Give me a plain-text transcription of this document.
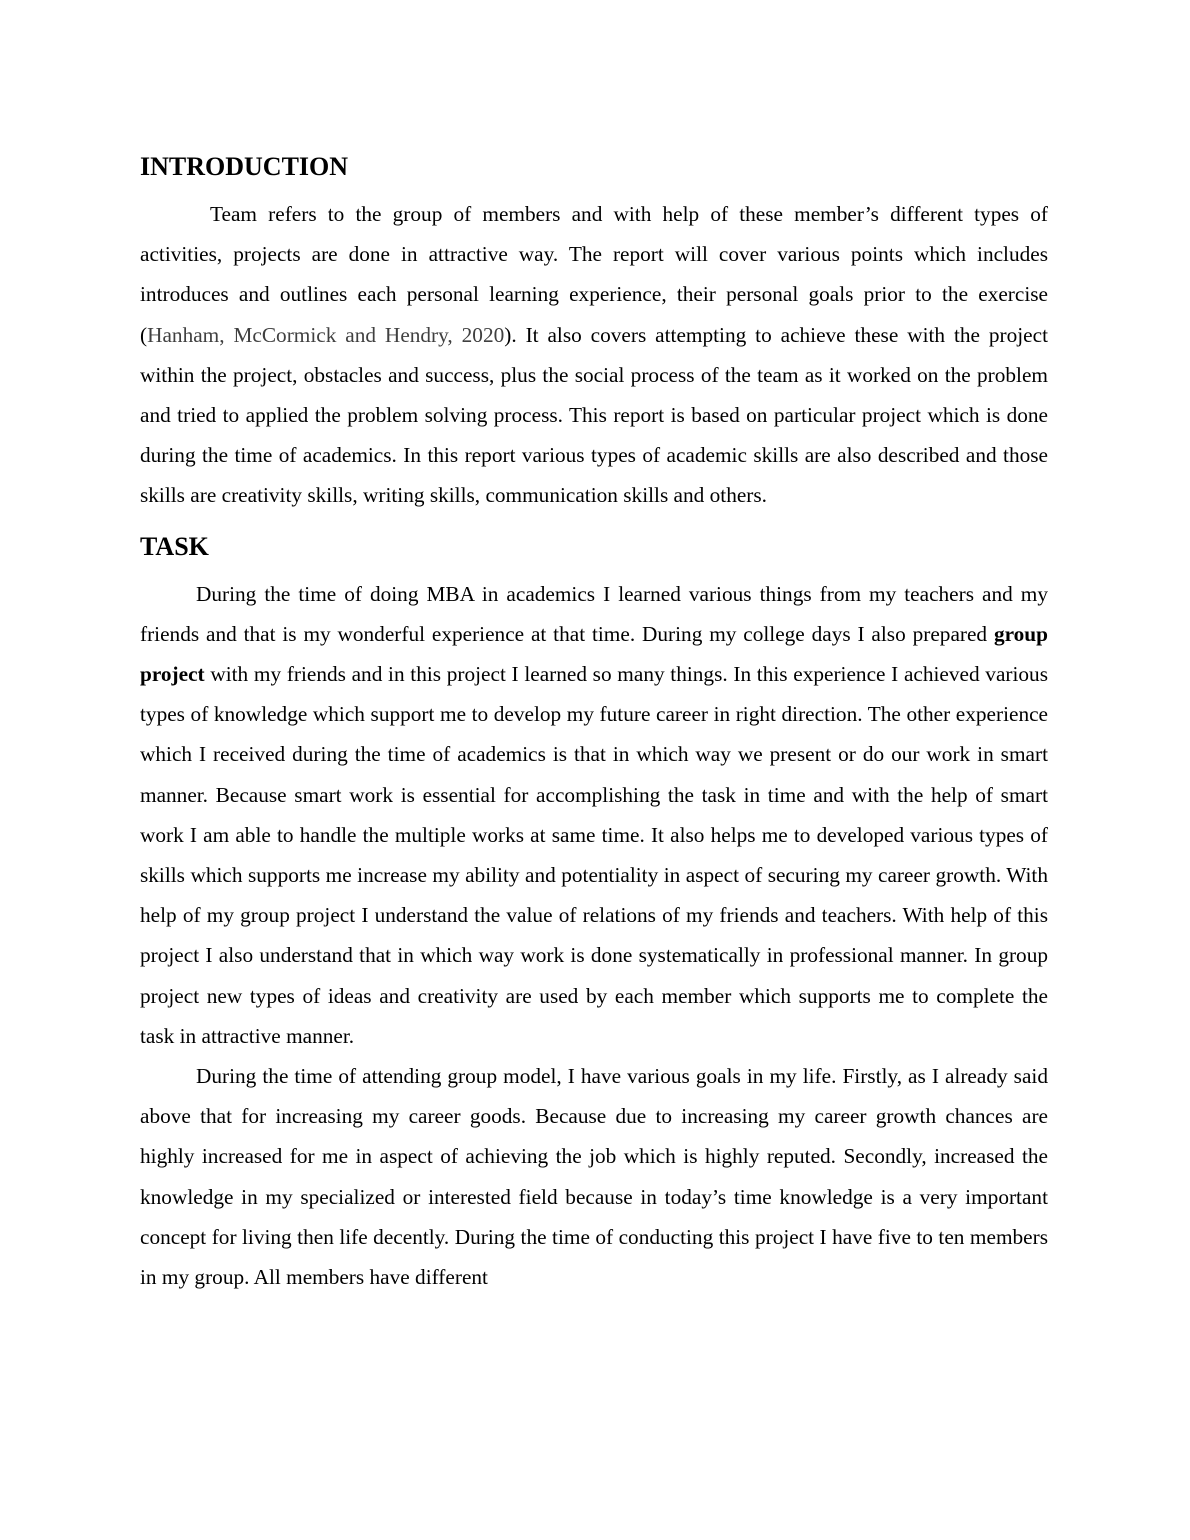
INTRODUCTION

Team refers to the group of members and with help of these member’s different types of activities, projects are done in attractive way. The report will cover various points which includes introduces and outlines each personal learning experience, their personal goals prior to the exercise (Hanham, McCormick and Hendry, 2020). It also covers attempting to achieve these with the project within the project, obstacles and success, plus the social process of the team as it worked on the problem and tried to applied the problem solving process. This report is based on particular project which is done during the time of academics. In this report various types of academic skills are also described and those skills are creativity skills, writing skills, communication skills and others.

TASK

During the time of doing MBA in academics I learned various things from my teachers and my friends and that is my wonderful experience at that time. During my college days I also prepared group project with my friends and in this project I learned so many things. In this experience I achieved various types of knowledge which support me to develop my future career in right direction. The other experience which I received during the time of academics is that in which way we present or do our work in smart manner. Because smart work is essential for accomplishing the task in time and with the help of smart work I am able to handle the multiple works at same time. It also helps me to developed various types of skills which supports me increase my ability and potentiality in aspect of securing my career growth. With help of my group project I understand the value of relations of my friends and teachers. With help of this project I also understand that in which way work is done systematically in professional manner. In group project new types of ideas and creativity are used by each member which supports me to complete the task in attractive manner.

During the time of attending group model, I have various goals in my life. Firstly, as I already said above that for increasing my career goods. Because due to increasing my career growth chances are highly increased for me in aspect of achieving the job which is highly reputed. Secondly, increased the knowledge in my specialized or interested field because in today’s time knowledge is a very important concept for living then life decently. During the time of conducting this project I have five to ten members in my group. All members have different
